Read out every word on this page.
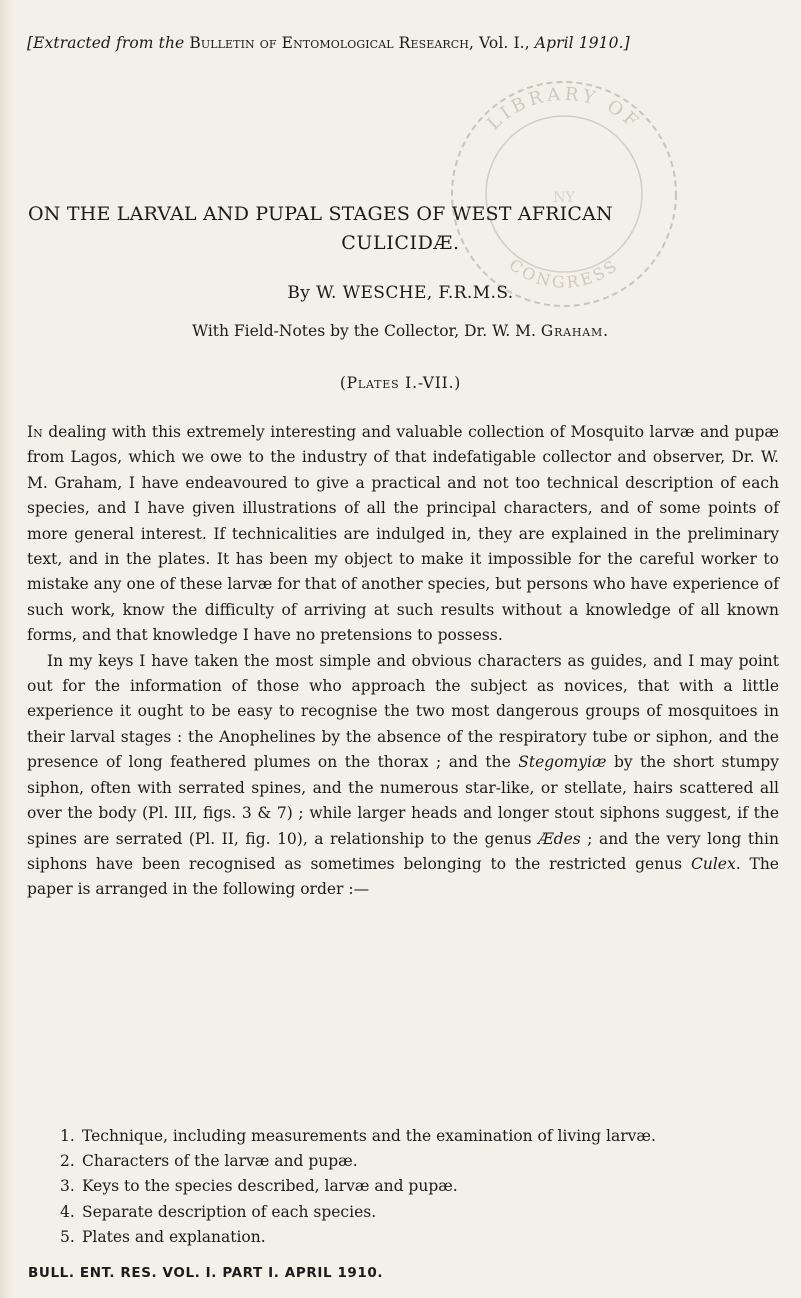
LIBRARY OF
CONGRESS
NY
[Extracted from the Bulletin of Entomological Research, Vol. I., April 1910.]
ON THE LARVAL AND PUPAL STAGES OF WEST AFRICAN
CULICIDÆ.
By W. WESCHE, F.R.M.S.
With Field-Notes by the Collector, Dr. W. M. Graham.
(Plates I.-VII.)

In dealing with this extremely interesting and valuable collection of Mosquito larvæ and pupæ from Lagos, which we owe to the industry of that indefatigable collector and observer, Dr. W. M. Graham, I have endeavoured to give a practical and not too technical description of each species, and I have given illustrations of all the principal characters, and of some points of more general interest. If technicalities are indulged in, they are explained in the preliminary text, and in the plates. It has been my object to make it impossible for the careful worker to mistake any one of these larvæ for that of another species, but persons who have experience of such work, know the difficulty of arriving at such results without a knowledge of all known forms, and that knowledge I have no pretensions to possess.

In my keys I have taken the most simple and obvious characters as guides, and I may point out for the information of those who approach the subject as novices, that with a little experience it ought to be easy to recognise the two most dangerous groups of mosquitoes in their larval stages : the Anophelines by the absence of the respiratory tube or siphon, and the presence of long feathered plumes on the thorax ; and the Stegomyiæ by the short stumpy siphon, often with serrated spines, and the numerous star-like, or stellate, hairs scattered all over the body (Pl. III, figs. 3 & 7) ; while larger heads and longer stout siphons suggest, if the spines are serrated (Pl. II, fig. 10), a relationship to the genus Ædes ; and the very long thin siphons have been recognised as sometimes belonging to the restricted genus Culex. The paper is arranged in the following order :—

1. Technique, including measurements and the examination of living larvæ.
2. Characters of the larvæ and pupæ.
3. Keys to the species described, larvæ and pupæ.
4. Separate description of each species.
5. Plates and explanation.
BULL. ENT. RES. VOL. I. PART I. APRIL 1910.
